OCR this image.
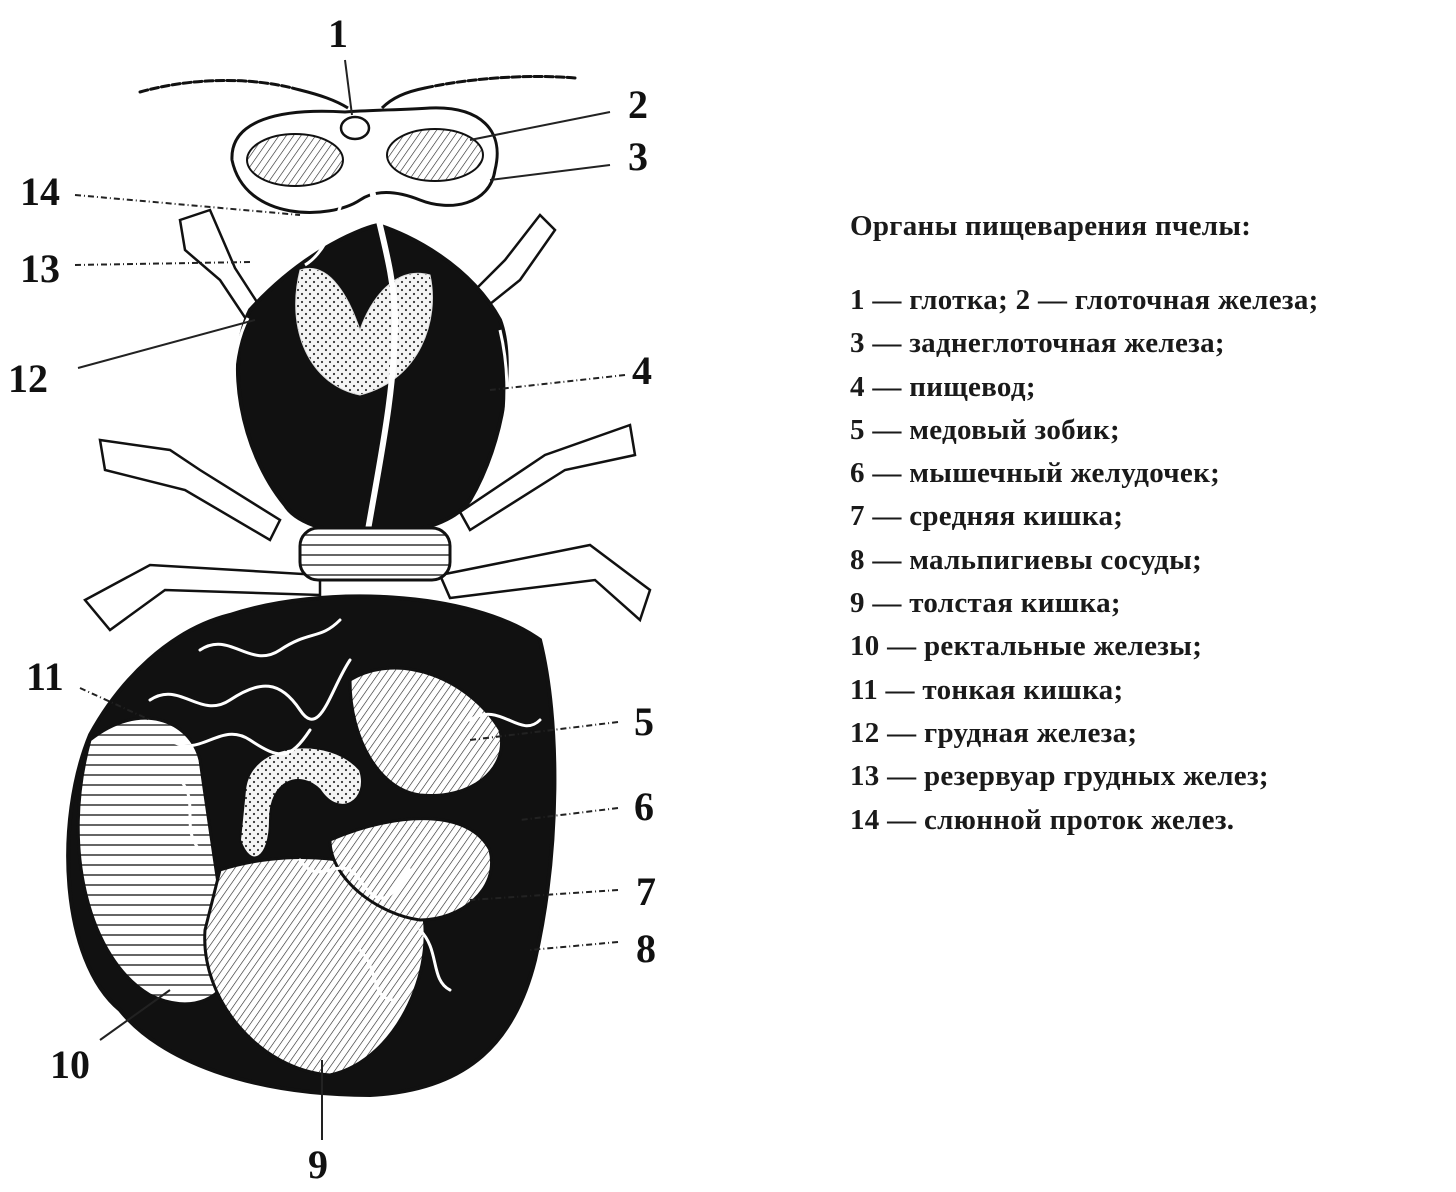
1
2
3
14
13
12	4
11
5
6
7
8
10
9
Органы пищеварения пчелы:
1 — глотка; 2 — глоточная железа;
3 — заднеглоточная железа;
4 — пищевод;
5 — медовый зобик;
6 — мышечный желудочек;
7 — средняя кишка;
8 — мальпигиевы сосуды;
9 — толстая кишка;
10 — ректальные железы;
11 — тонкая кишка;
12 — грудная железа;
13 — резервуар грудных желез;
14 — слюнной проток желез.
